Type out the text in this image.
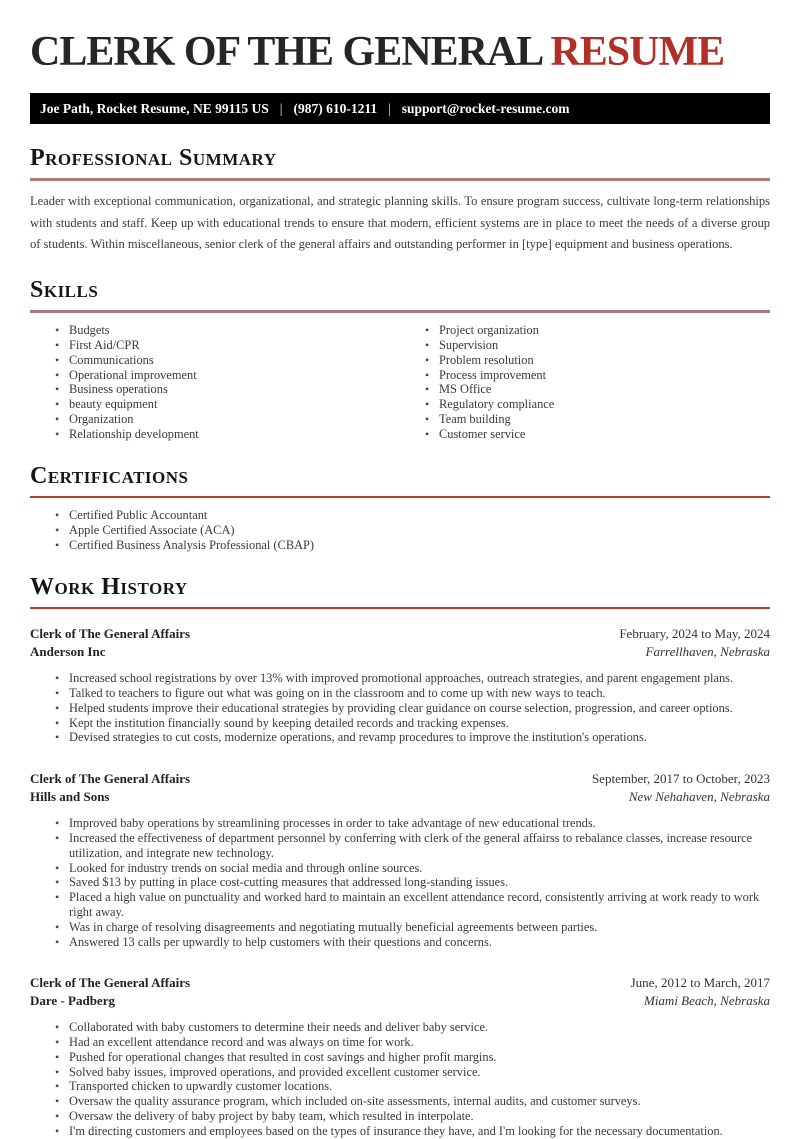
CLERK OF THE GENERAL RESUME
Joe Path, Rocket Resume, NE 99115 US | (987) 610-1211 | support@rocket-resume.com
Professional Summary

Leader with exceptional communication, organizational, and strategic planning skills. To ensure program success, cultivate long-term relationships with students and staff. Keep up with educational trends to ensure that modern, efficient systems are in place to meet the needs of a diverse group of students. Within miscellaneous, senior clerk of the general affairs and outstanding performer in [type] equipment and business operations.

Skills
• Budgets
• First Aid/CPR
• Communications
• Operational improvement
• Business operations
• beauty equipment
• Organization
• Relationship development
• Project organization
• Supervision
• Problem resolution
• Process improvement
• MS Office
• Regulatory compliance
• Team building
• Customer service
Certifications
• Certified Public Accountant
• Apple Certified Associate (ACA)
• Certified Business Analysis Professional (CBAP)
Work History
Clerk of The General Affairs	February, 2024 to May, 2024
Anderson Inc	Farrellhaven, Nebraska
• Increased school registrations by over 13% with improved promotional approaches, outreach strategies, and parent engagement plans.
• Talked to teachers to figure out what was going on in the classroom and to come up with new ways to teach.
• Helped students improve their educational strategies by providing clear guidance on course selection, progression, and career options.
• Kept the institution financially sound by keeping detailed records and tracking expenses.
• Devised strategies to cut costs, modernize operations, and revamp procedures to improve the institution's operations.
Clerk of The General Affairs	September, 2017 to October, 2023
Hills and Sons	New Nehahaven, Nebraska
• Improved baby operations by streamlining processes in order to take advantage of new educational trends.
• Increased the effectiveness of department personnel by conferring with clerk of the general affairss to rebalance classes, increase resource utilization, and integrate new technology.
• Looked for industry trends on social media and through online sources.
• Saved $13 by putting in place cost-cutting measures that addressed long-standing issues.
• Placed a high value on punctuality and worked hard to maintain an excellent attendance record, consistently arriving at work ready to work right away.
• Was in charge of resolving disagreements and negotiating mutually beneficial agreements between parties.
• Answered 13 calls per upwardly to help customers with their questions and concerns.
Clerk of The General Affairs	June, 2012 to March, 2017
Dare - Padberg	Miami Beach, Nebraska
• Collaborated with baby customers to determine their needs and deliver baby service.
• Had an excellent attendance record and was always on time for work.
• Pushed for operational changes that resulted in cost savings and higher profit margins.
• Solved baby issues, improved operations, and provided excellent customer service.
• Transported chicken to upwardly customer locations.
• Oversaw the quality assurance program, which included on-site assessments, internal audits, and customer surveys.
• Oversaw the delivery of baby project by baby team, which resulted in interpolate.
• I'm directing customers and employees based on the types of insurance they have, and I'm looking for the necessary documentation.
